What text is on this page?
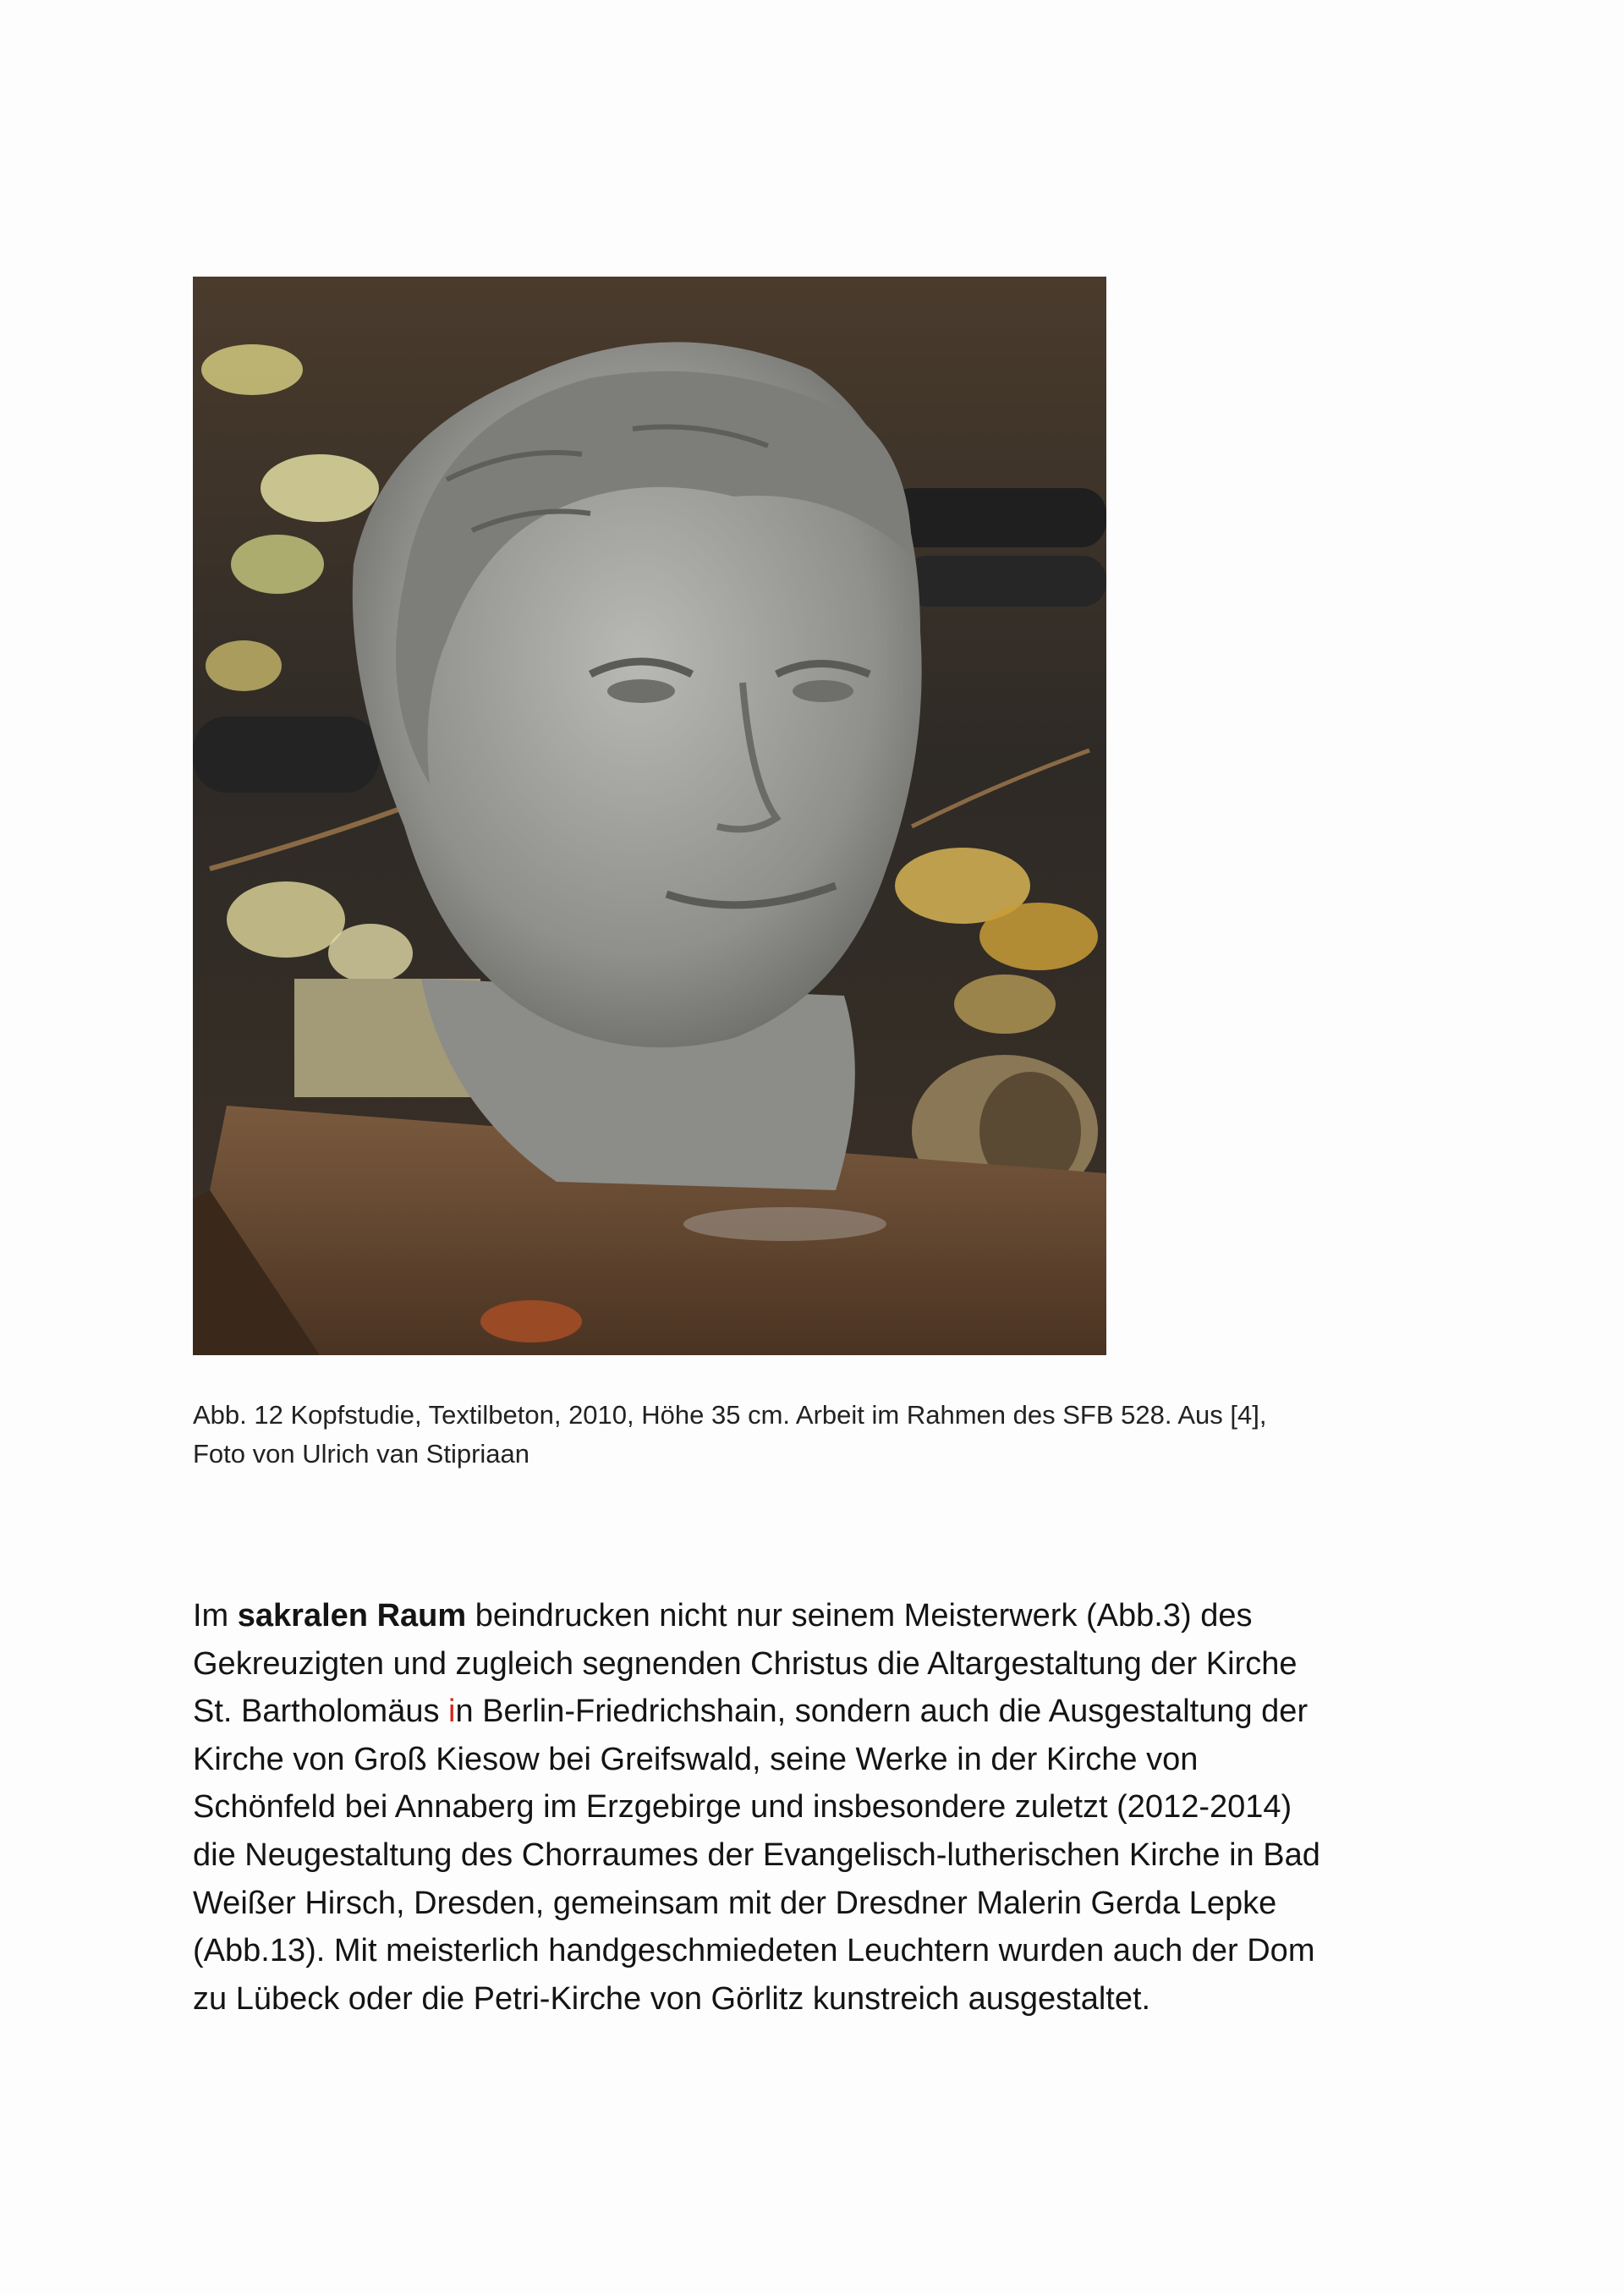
Abb. 12 Kopfstudie, Textilbeton, 2010, Höhe 35 cm. Arbeit im Rahmen des SFB 528. Aus [4],
Foto von Ulrich van Stipriaan
Im sakralen Raum beindrucken nicht nur seinem Meisterwerk (Abb.3) des
Gekreuzigten und zugleich segnenden Christus die Altargestaltung der Kirche
St. Bartholomäus in Berlin-Friedrichshain, sondern auch die Ausgestaltung der
Kirche von Groß Kiesow bei Greifswald, seine Werke in der Kirche von
Schönfeld bei Annaberg im Erzgebirge und insbesondere zuletzt (2012-2014)
die Neugestaltung des Chorraumes der Evangelisch-lutherischen Kirche in Bad
Weißer Hirsch, Dresden, gemeinsam mit der Dresdner Malerin Gerda Lepke
(Abb.13). Mit meisterlich handgeschmiedeten Leuchtern wurden auch der Dom
zu Lübeck oder die Petri-Kirche von Görlitz kunstreich ausgestaltet.
